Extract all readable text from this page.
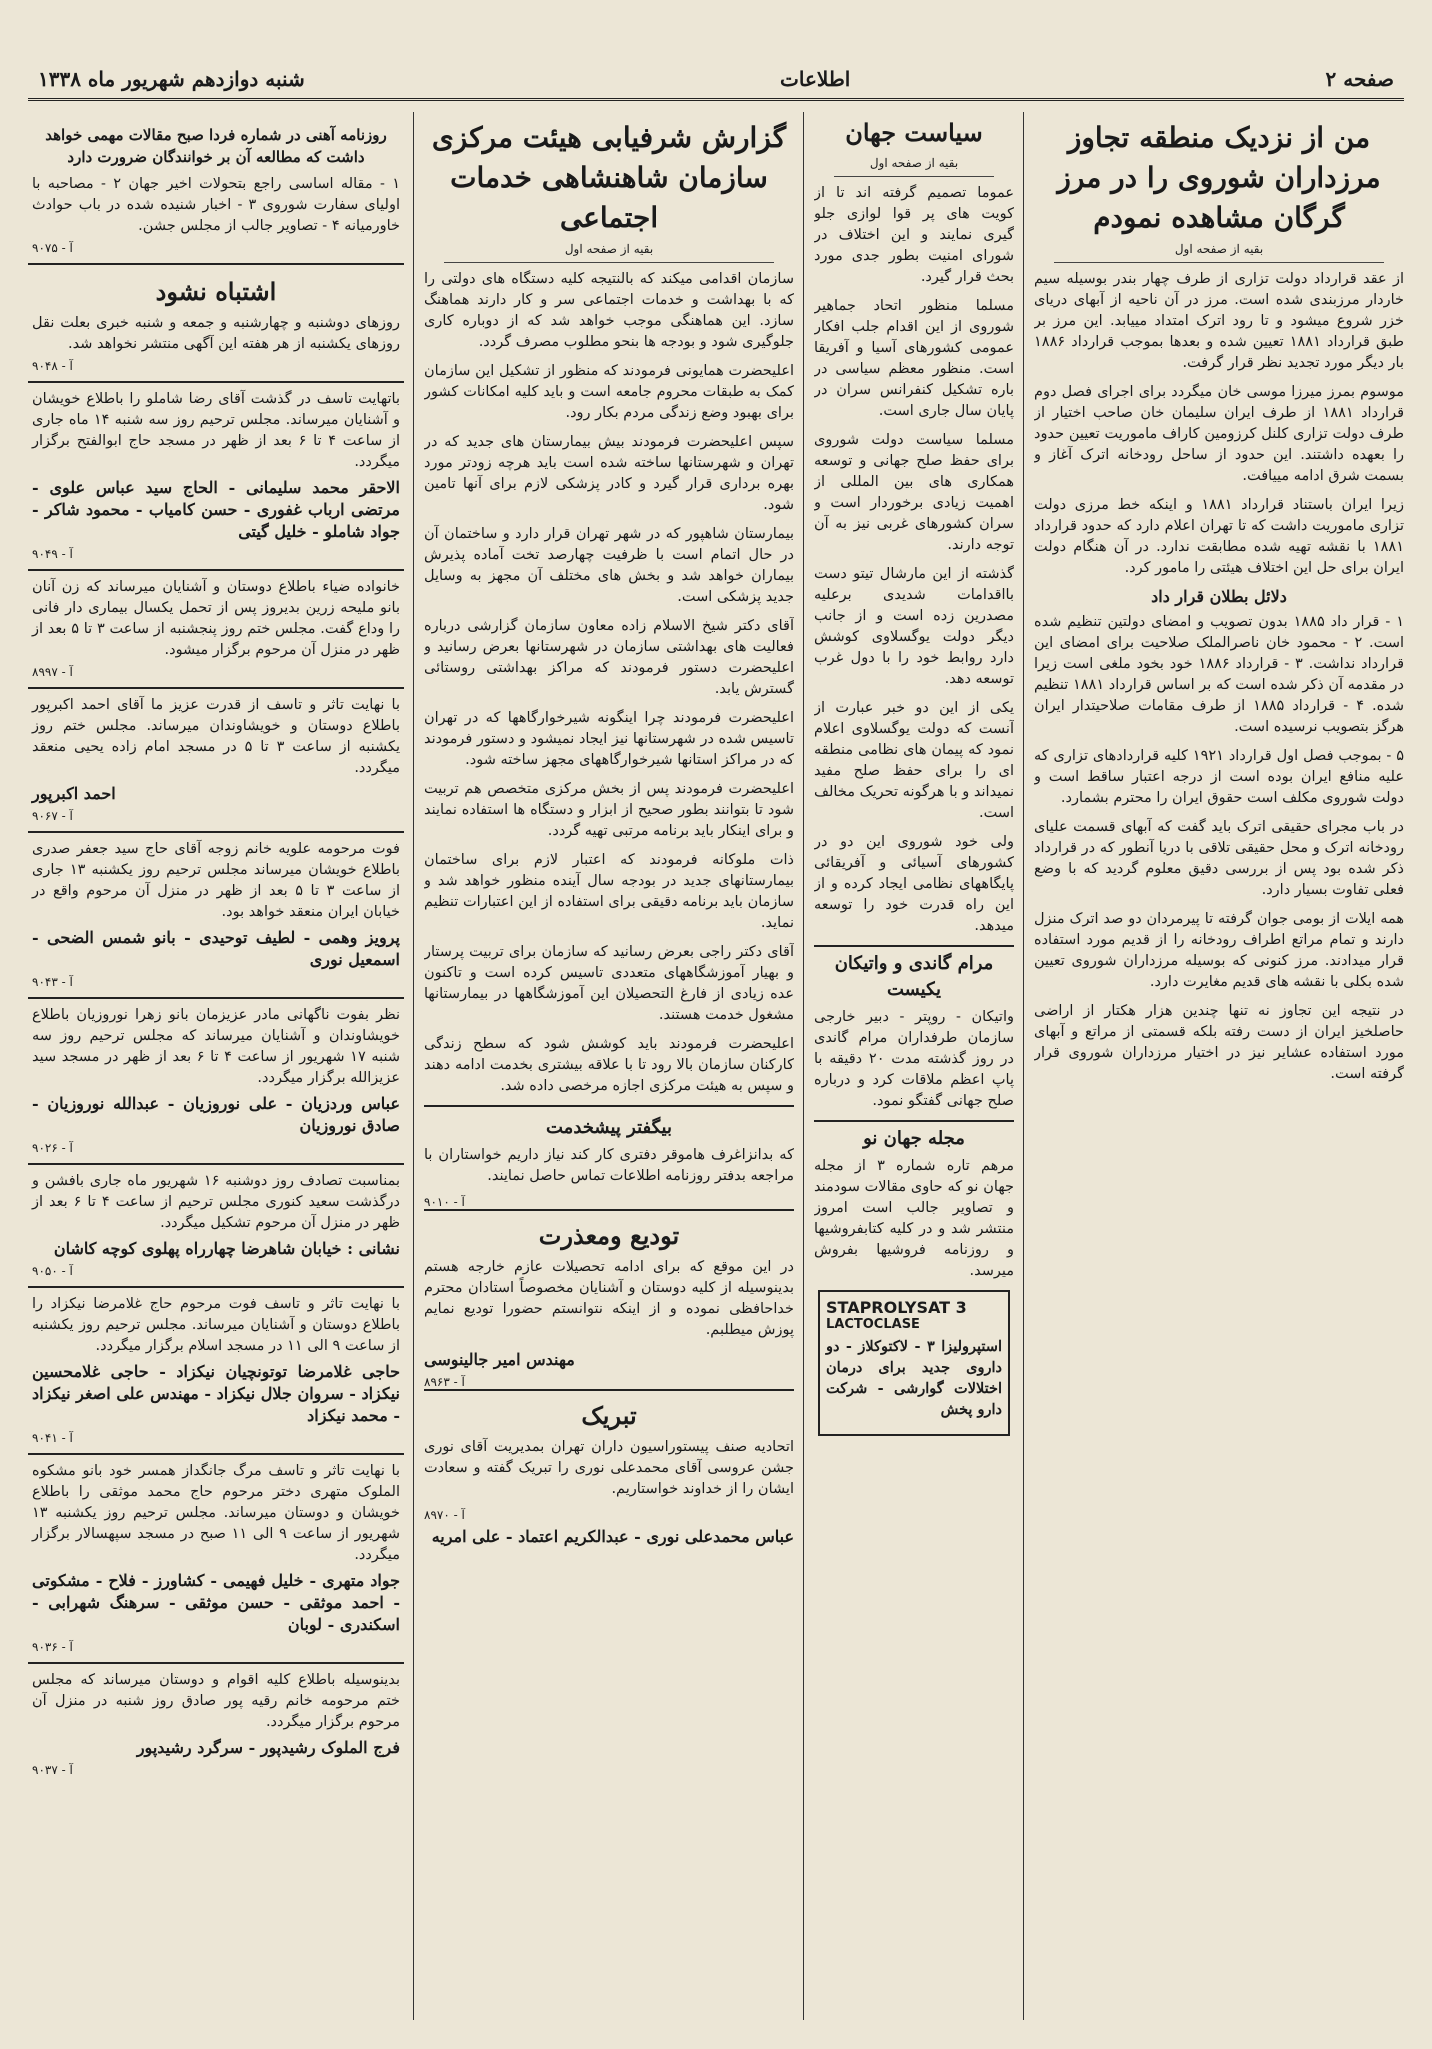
صفحه ۲
اطلاعات
شنبه دوازدهم شهریور ماه ۱۳۳۸
من از نزدیک منطقه تجاوز مرزداران شوروی را در مرز گرگان مشاهده نمودم
بقیه از صفحه اول

از عقد قرارداد دولت تزاری از طرف چهار بندر بوسیله سیم خاردار مرزبندی شده است. مرز در آن ناحیه از آبهای دریای خزر شروع میشود و تا رود اترک امتداد مییابد. این مرز بر طبق قرارداد ۱۸۸۱ تعیین شده و بعدها بموجب قرارداد ۱۸۸۶ بار دیگر مورد تجدید نظر قرار گرفت.

موسوم بمرز میرزا موسی خان میگردد برای اجرای فصل دوم قرارداد ۱۸۸۱ از طرف ایران سلیمان خان صاحب اختیار از طرف دولت تزاری کلنل کرزومین کاراف ماموریت تعیین حدود را بعهده داشتند. این حدود از ساحل رودخانه اترک آغاز و بسمت شرق ادامه مییافت.

زیرا ایران باستناد قرارداد ۱۸۸۱ و اینکه خط مرزی دولت تزاری ماموریت داشت که تا تهران اعلام دارد که حدود قرارداد ۱۸۸۱ با نقشه تهیه شده مطابقت ندارد. در آن هنگام دولت ایران برای حل این اختلاف هیئتی را مامور کرد.

دلائل بطلان قرار داد

۱ - قرار داد ۱۸۸۵ بدون تصویب و امضای دولتین تنظیم شده است. ۲ - محمود خان ناصرالملک صلاحیت برای امضای این قرارداد نداشت. ۳ - قرارداد ۱۸۸۶ خود بخود ملغی است زیرا در مقدمه آن ذکر شده است که بر اساس قرارداد ۱۸۸۱ تنظیم شده. ۴ - قرارداد ۱۸۸۵ از طرف مقامات صلاحیتدار ایران هرگز بتصویب نرسیده است.

۵ - بموجب فصل اول قرارداد ۱۹۲۱ کلیه قراردادهای تزاری که علیه منافع ایران بوده است از درجه اعتبار ساقط است و دولت شوروی مکلف است حقوق ایران را محترم بشمارد.

در باب مجرای حقیقی اترک باید گفت که آبهای قسمت علیای رودخانه اترک و محل حقیقی تلاقی با دریا آنطور که در قرارداد ذکر شده بود پس از بررسی دقیق معلوم گردید که با وضع فعلی تفاوت بسیار دارد.

همه ایلات از بومی جوان گرفته تا پیرمردان دو صد اترک منزل دارند و تمام مراتع اطراف رودخانه را از قدیم مورد استفاده قرار میدادند. مرز کنونی که بوسیله مرزداران شوروی تعیین شده بکلی با نقشه های قدیم مغایرت دارد.

در نتیجه این تجاوز نه تنها چندین هزار هکتار از اراضی حاصلخیز ایران از دست رفته بلکه قسمتی از مراتع و آبهای مورد استفاده عشایر نیز در اختیار مرزداران شوروی قرار گرفته است.

سیاست جهان
بقیه از صفحه اول

عموما تصمیم گرفته اند تا از کویت های پر قوا لوازی جلو گیری نمایند و این اختلاف در شورای امنیت بطور جدی مورد بحث قرار گیرد.

مسلما منظور اتحاد جماهیر شوروی از این اقدام جلب افکار عمومی کشورهای آسیا و آفریقا است. منظور معظم سیاسی در باره تشکیل کنفرانس سران در پایان سال جاری است.

مسلما سیاست دولت شوروی برای حفظ صلح جهانی و توسعه همکاری های بین المللی از اهمیت زیادی برخوردار است و سران کشورهای غربی نیز به آن توجه دارند.

گذشته از این مارشال تیتو دست بااقدامات شدیدی برعلیه مصدرین زده است و از جانب دیگر دولت یوگسلاوی کوشش دارد روابط خود را با دول غرب توسعه دهد.

یکی از این دو خبر عبارت از آنست که دولت یوگسلاوی اعلام نمود که پیمان های نظامی منطقه ای را برای حفظ صلح مفید نمیداند و با هرگونه تحریک مخالف است.

ولی خود شوروی این دو در کشورهای آسیائی و آفریقائی پایگاههای نظامی ایجاد کرده و از این راه قدرت خود را توسعه میدهد.

مرام گاندی و واتیکان یکیست

واتیکان - روپتر - دبیر خارجی سازمان طرفداران مرام گاندی در روز گذشته مدت ۲۰ دقیقه با پاپ اعظم ملاقات کرد و درباره صلح جهانی گفتگو نمود.

مجله جهان نو

مرهم تاره شماره ۳ از مجله جهان نو که حاوی مقالات سودمند و تصاویر جالب است امروز منتشر شد و در کلیه کتابفروشیها و روزنامه فروشیها بفروش میرسد.

STAPROLYSAT 3
LACTOCLASE

استپرولیزا ۳ - لاکتوکلاز - دو داروی جدید برای درمان اختلالات گوارشی - شرکت دارو پخش

گزارش شرفیابی هیئت مرکزی سازمان شاهنشاهی خدمات اجتماعی
بقیه از صفحه اول

سازمان اقدامی میکند که بالنتیجه کلیه دستگاه های دولتی را که با بهداشت و خدمات اجتماعی سر و کار دارند هماهنگ سازد. این هماهنگی موجب خواهد شد که از دوباره کاری جلوگیری شود و بودجه ها بنحو مطلوب مصرف گردد.

اعلیحضرت همایونی فرمودند که منظور از تشکیل این سازمان کمک به طبقات محروم جامعه است و باید کلیه امکانات کشور برای بهبود وضع زندگی مردم بکار رود.

سپس اعلیحضرت فرمودند بیش بیمارستان های جدید که در تهران و شهرستانها ساخته شده است باید هرچه زودتر مورد بهره برداری قرار گیرد و کادر پزشکی لازم برای آنها تامین شود.

بیمارستان شاهپور که در شهر تهران قرار دارد و ساختمان آن در حال اتمام است با ظرفیت چهارصد تخت آماده پذیرش بیماران خواهد شد و بخش های مختلف آن مجهز به وسایل جدید پزشکی است.

آقای دکتر شیخ الاسلام زاده معاون سازمان گزارشی درباره فعالیت های بهداشتی سازمان در شهرستانها بعرض رسانید و اعلیحضرت دستور فرمودند که مراکز بهداشتی روستائی گسترش یابد.

اعلیحضرت فرمودند چرا اینگونه شیرخوارگاهها که در تهران تاسیس شده در شهرستانها نیز ایجاد نمیشود و دستور فرمودند که در مراکز استانها شیرخوارگاههای مجهز ساخته شود.

اعلیحضرت فرمودند پس از بخش مرکزی متخصص هم تربیت شود تا بتوانند بطور صحیح از ابزار و دستگاه ها استفاده نمایند و برای اینکار باید برنامه مرتبی تهیه گردد.

ذات ملوکانه فرمودند که اعتبار لازم برای ساختمان بیمارستانهای جدید در بودجه سال آینده منظور خواهد شد و سازمان باید برنامه دقیقی برای استفاده از این اعتبارات تنظیم نماید.

آقای دکتر راجی بعرض رسانید که سازمان برای تربیت پرستار و بهیار آموزشگاههای متعددی تاسیس کرده است و تاکنون عده زیادی از فارغ التحصیلان این آموزشگاهها در بیمارستانها مشغول خدمت هستند.

اعلیحضرت فرمودند باید کوشش شود که سطح زندگی کارکنان سازمان بالا رود تا با علاقه بیشتری بخدمت ادامه دهند و سپس به هیئت مرکزی اجازه مرخصی داده شد.

بیگفتر پیشخدمت

که بدانزاغرف هاموقر دفتری کار کند نیاز داریم خواستاران با مراجعه بدفتر روزنامه اطلاعات تماس حاصل نمایند.

۹۰۱۰ - آ
تودیع ومعذرت

در این موقع که برای ادامه تحصیلات عازم خارجه هستم بدینوسیله از کلیه دوستان و آشنایان مخصوصاً استادان محترم خداحافظی نموده و از اینکه نتوانستم حضورا تودیع نمایم پوزش میطلبم.

مهندس امیر جالینوسی
۸۹۶۳ - آ
تبریک

اتحادیه صنف پیستوراسیون داران تهران بمدیریت آقای نوری جشن عروسی آقای محمدعلی نوری را تبریک گفته و سعادت ایشان را از خداوند خواستاریم.

۸۹۷۰ - آ
عباس محمدعلی نوری - عبدالکریم اعتماد - علی امریه
روزنامه آهنی در شماره فردا صبح مقالات مهمی خواهد داشت که مطالعه آن بر خوانندگان ضرورت دارد

۱ - مقاله اساسی راجع بتحولات اخیر جهان ۲ - مصاحبه با اولیای سفارت شوروی ۳ - اخبار شنیده شده در باب حوادث خاورمیانه ۴ - تصاویر جالب از مجلس جشن.

۹۰۷۵ - آ
اشتباه نشود

روزهای دوشنبه و چهارشنبه و جمعه و شنبه خبری بعلت نقل روزهای یکشنبه از هر هفته این آگهی منتشر نخواهد شد.

۹۰۴۸ - آ

باتهایت تاسف در گذشت آقای رضا شاملو را باطلاع خویشان و آشنایان میرساند. مجلس ترحیم روز سه شنبه ۱۴ ماه جاری از ساعت ۴ تا ۶ بعد از ظهر در مسجد حاج ابوالفتح برگزار میگردد.

الاحقر محمد سلیمانی - الحاج سید عباس علوی - مرتضی ارباب غفوری - حسن کامیاب - محمود شاکر - جواد شاملو - خلیل گیتی
۹۰۴۹ - آ

خانواده ضیاء باطلاع دوستان و آشنایان میرساند که زن آنان بانو ملیحه زرین بدیروز پس از تحمل یکسال بیماری دار فانی را وداع گفت. مجلس ختم روز پنجشنبه از ساعت ۳ تا ۵ بعد از ظهر در منزل آن مرحوم برگزار میشود.

۸۹۹۷ - آ

با نهایت تاثر و تاسف از قدرت عزیز ما آقای احمد اکبرپور باطلاع دوستان و خویشاوندان میرساند. مجلس ختم روز یکشنبه از ساعت ۳ تا ۵ در مسجد امام زاده یحیی منعقد میگردد.

احمد اکبرپور
۹۰۶۷ - آ

فوت مرحومه علویه خانم زوجه آقای حاج سید جعفر صدری باطلاع خویشان میرساند مجلس ترحیم روز یکشنبه ۱۳ جاری از ساعت ۳ تا ۵ بعد از ظهر در منزل آن مرحوم واقع در خیابان ایران منعقد خواهد بود.

پرویز وهمی - لطیف توحیدی - بانو شمس الضحی - اسمعیل نوری
۹۰۴۳ - آ

نظر بفوت ناگهانی مادر عزیزمان بانو زهرا نوروزیان باطلاع خویشاوندان و آشنایان میرساند که مجلس ترحیم روز سه شنبه ۱۷ شهریور از ساعت ۴ تا ۶ بعد از ظهر در مسجد سید عزیزالله برگزار میگردد.

عباس وردزیان - علی نوروزیان - عبدالله نوروزیان - صادق نوروزیان
۹۰۲۶ - آ

بمناسبت تصادف روز دوشنبه ۱۶ شهریور ماه جاری بافشن و درگذشت سعید کنوری مجلس ترحیم از ساعت ۴ تا ۶ بعد از ظهر در منزل آن مرحوم تشکیل میگردد.

نشانی : خیابان شاهرضا چهارراه پهلوی کوچه کاشان
۹۰۵۰ - آ

با نهایت تاثر و تاسف فوت مرحوم حاج غلامرضا نیکزاد را باطلاع دوستان و آشنایان میرساند. مجلس ترحیم روز یکشنبه از ساعت ۹ الی ۱۱ در مسجد اسلام برگزار میگردد.

حاجی غلامرضا توتونچیان نیکزاد - حاجی غلامحسین نیکزاد - سروان جلال نیکزاد - مهندس علی اصغر نیکزاد - محمد نیکزاد
۹۰۴۱ - آ

با نهایت تاثر و تاسف مرگ جانگداز همسر خود بانو مشکوه الملوک متهری دختر مرحوم حاج محمد موثقی را باطلاع خویشان و دوستان میرساند. مجلس ترحیم روز یکشنبه ۱۳ شهریور از ساعت ۹ الی ۱۱ صبح در مسجد سپهسالار برگزار میگردد.

جواد متهری - خلیل فهیمی - کشاورز - فلاح - مشکوتی - احمد موثقی - حسن موثقی - سرهنگ شهرابی - اسکندری - لوبان
۹۰۳۶ - آ

بدینوسیله باطلاع کلیه اقوام و دوستان میرساند که مجلس ختم مرحومه خانم رقیه پور صادق روز شنبه در منزل آن مرحوم برگزار میگردد.

فرج الملوک رشیدپور - سرگرد رشیدپور
۹۰۳۷ - آ
